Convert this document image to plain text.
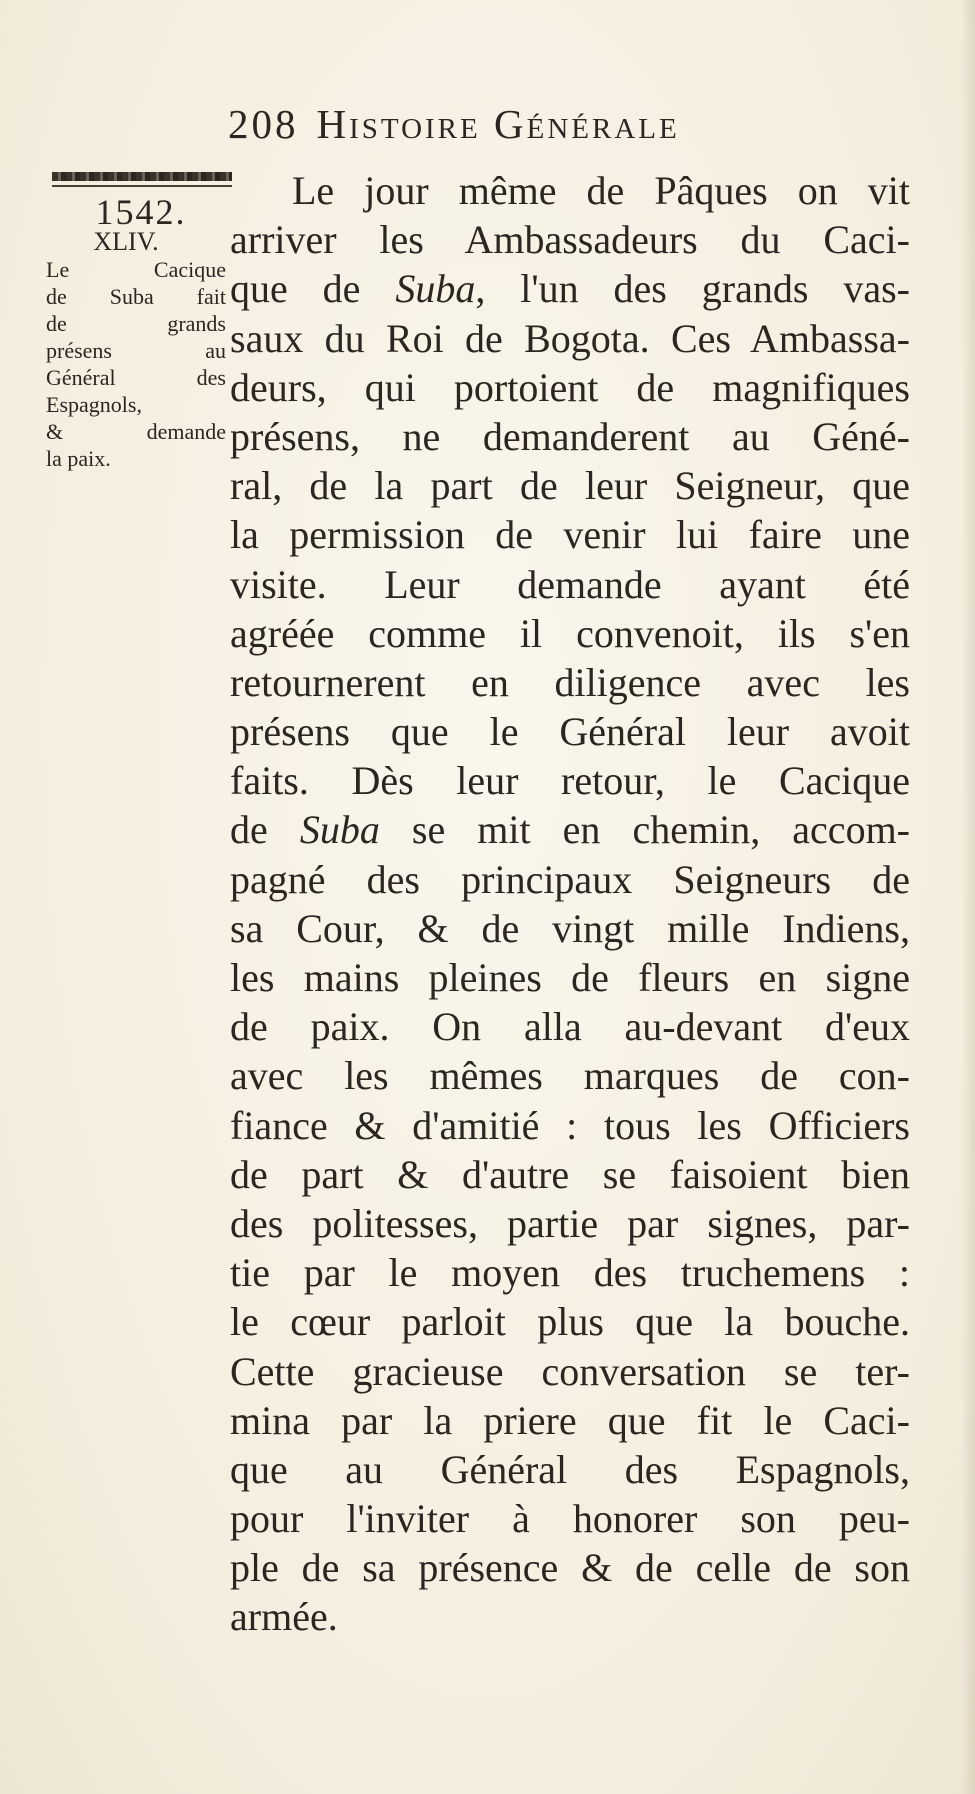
208 Histoire Générale
1542.
XLIV.
Le Cacique
de Suba fait
de grands
présens au
Général des
Espagnols,
& demande
la paix.
Le jour même de Pâques on vit
arriver les Ambassadeurs du Caci-
que de Suba, l'un des grands vas-
saux du Roi de Bogota. Ces Ambassa-
deurs, qui portoient de magnifiques
présens, ne demanderent au Géné-
ral, de la part de leur Seigneur, que
la permission de venir lui faire une
visite. Leur demande ayant été
agréée comme il convenoit, ils s'en
retournerent en diligence avec les
présens que le Général leur avoit
faits. Dès leur retour, le Cacique
de Suba se mit en chemin, accom-
pagné des principaux Seigneurs de
sa Cour, & de vingt mille Indiens,
les mains pleines de fleurs en signe
de paix. On alla au-devant d'eux
avec les mêmes marques de con-
fiance & d'amitié : tous les Officiers
de part & d'autre se faisoient bien
des politesses, partie par signes, par-
tie par le moyen des truchemens :
le cœur parloit plus que la bouche.
Cette gracieuse conversation se ter-
mina par la priere que fit le Caci-
que au Général des Espagnols,
pour l'inviter à honorer son peu-
ple de sa présence & de celle de son
armée.
